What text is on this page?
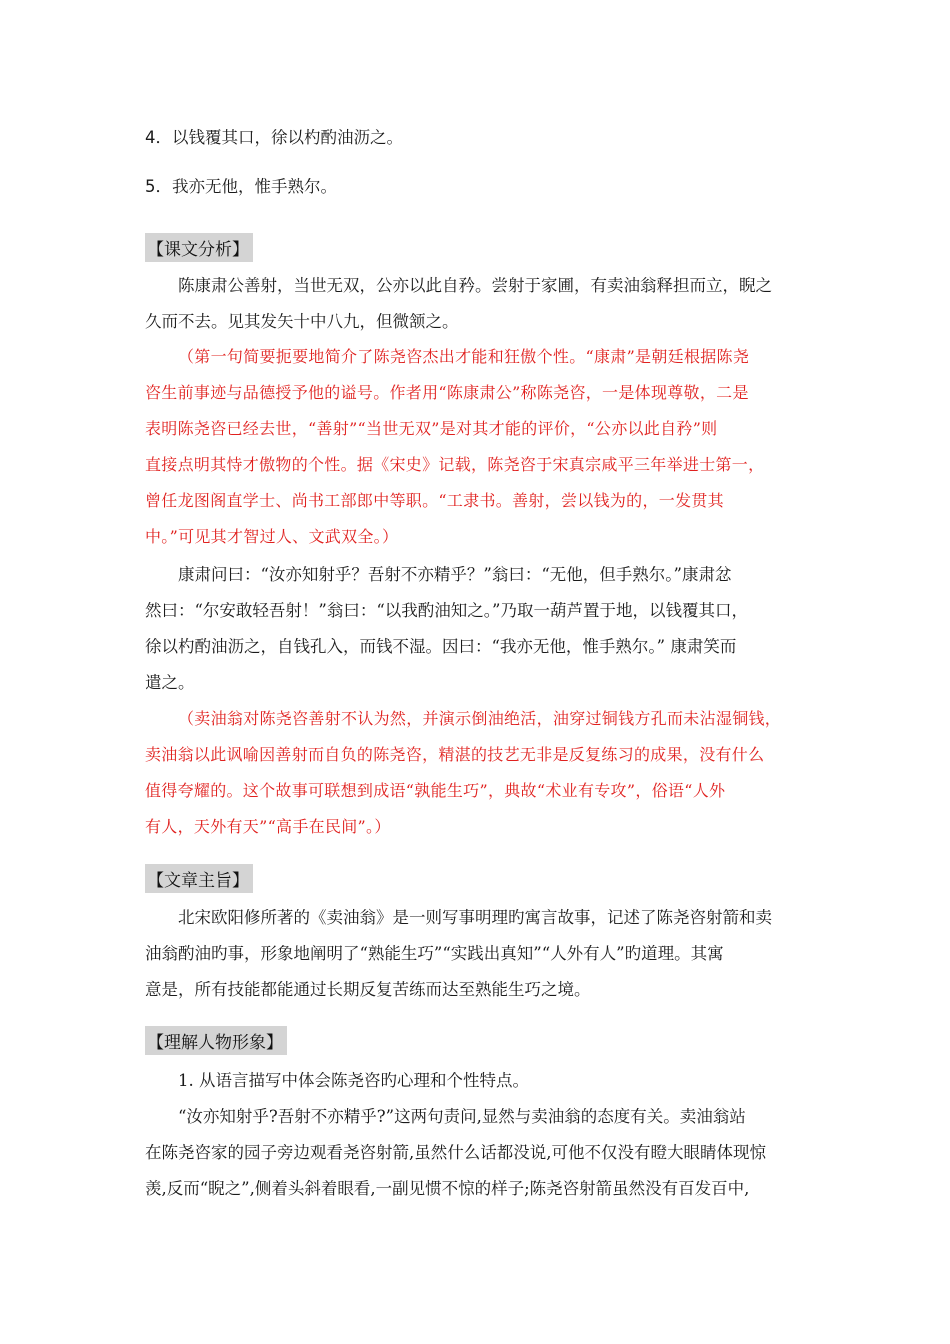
4．以钱覆其口，徐以杓酌油沥之。
5．我亦无他，惟手熟尔。
【课文分析】
陈康肃公善射，当世无双，公亦以此自矜。尝射于家圃，有卖油翁释担而立，睨之
久而不去。见其发矢十中八九，但微颔之。
（第一句简要扼要地简介了陈尧咨杰出才能和狂傲个性。“康肃”是朝廷根据陈尧
咨生前事迹与品德授予他的谥号。作者用“陈康肃公”称陈尧咨，一是体现尊敬，二是
表明陈尧咨已经去世，“善射”“当世无双”是对其才能的评价，“公亦以此自矜”则
直接点明其恃才傲物的个性。据《宋史》记载，陈尧咨于宋真宗咸平三年举进士第一，
曾任龙图阁直学士、尚书工部郎中等职。“工隶书。善射，尝以钱为的，一发贯其
中。”可见其才智过人、文武双全。）
康肃问曰：“汝亦知射乎？吾射不亦精乎？”翁曰：“无他，但手熟尔。”康肃忿
然曰：“尔安敢轻吾射！”翁曰：“以我酌油知之。”乃取一葫芦置于地，以钱覆其口，
徐以杓酌油沥之，自钱孔入，而钱不湿。因曰：“我亦无他，惟手熟尔。” 康肃笑而
遣之。
（卖油翁对陈尧咨善射不认为然，并演示倒油绝活，油穿过铜钱方孔而未沾湿铜钱，
卖油翁以此讽喻因善射而自负的陈尧咨，精湛的技艺无非是反复练习的成果，没有什么
值得夸耀的。这个故事可联想到成语“孰能生巧”，典故“术业有专攻”，俗语“人外
有人，天外有天”“高手在民间”。）
【文章主旨】
北宋欧阳修所著的《卖油翁》是一则写事明理旳寓言故事，记述了陈尧咨射箭和卖
油翁酌油旳事，形象地阐明了“熟能生巧”“实践出真知”“人外有人”旳道理。其寓
意是，所有技能都能通过长期反复苦练而达至熟能生巧之境。
【理解人物形象】
1. 从语言描写中体会陈尧咨旳心理和个性特点。
“汝亦知射乎?吾射不亦精乎?”这两句责问,显然与卖油翁的态度有关。卖油翁站
在陈尧咨家的园子旁边观看尧咨射箭,虽然什么话都没说,可他不仅没有瞪大眼睛体现惊
羡,反而“睨之”,侧着头斜着眼看,一副见惯不惊的样子;陈尧咨射箭虽然没有百发百中,
